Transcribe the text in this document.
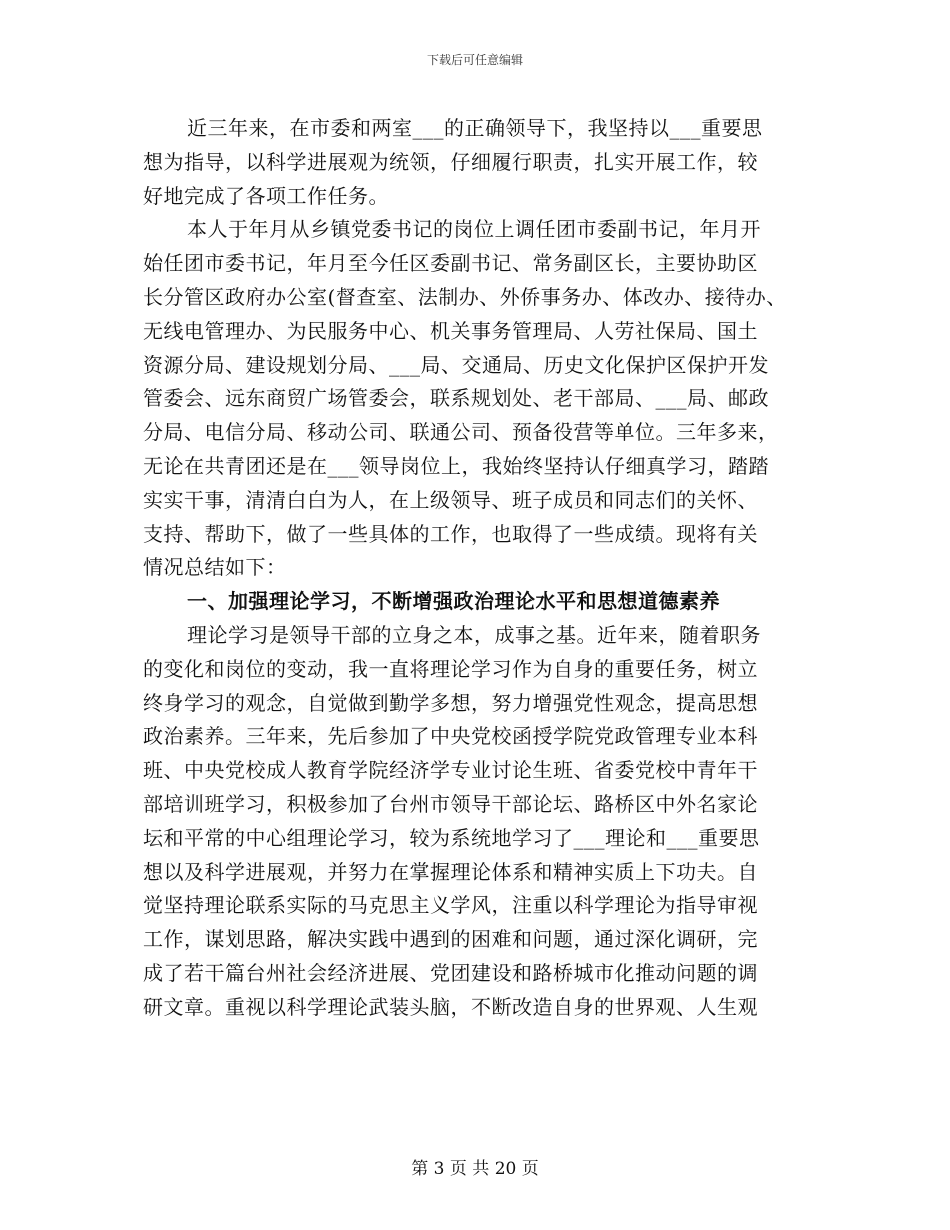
下载后可任意编辑
近三年来，在市委和两室___的正确领导下，我坚持以___重要思
想为指导，以科学进展观为统领，仔细履行职责，扎实开展工作，较
好地完成了各项工作任务。
本人于年月从乡镇党委书记的岗位上调任团市委副书记，年月开
始任团市委书记，年月至今任区委副书记、常务副区长，主要协助区
长分管区政府办公室(督查室、法制办、外侨事务办、体改办、接待办、
无线电管理办、为民服务中心、机关事务管理局、人劳社保局、国土
资源分局、建设规划分局、___局、交通局、历史文化保护区保护开发
管委会、远东商贸广场管委会，联系规划处、老干部局、___局、邮政
分局、电信分局、移动公司、联通公司、预备役营等单位。三年多来，
无论在共青团还是在___领导岗位上，我始终坚持认仔细真学习，踏踏
实实干事，清清白白为人，在上级领导、班子成员和同志们的关怀、
支持、帮助下，做了一些具体的工作，也取得了一些成绩。现将有关
情况总结如下：
一、加强理论学习，不断增强政治理论水平和思想道德素养
理论学习是领导干部的立身之本，成事之基。近年来，随着职务
的变化和岗位的变动，我一直将理论学习作为自身的重要任务，树立
终身学习的观念，自觉做到勤学多想，努力增强党性观念，提高思想
政治素养。三年来，先后参加了中央党校函授学院党政管理专业本科
班、中央党校成人教育学院经济学专业讨论生班、省委党校中青年干
部培训班学习，积极参加了台州市领导干部论坛、路桥区中外名家论
坛和平常的中心组理论学习，较为系统地学习了___理论和___重要思
想以及科学进展观，并努力在掌握理论体系和精神实质上下功夫。自
觉坚持理论联系实际的马克思主义学风，注重以科学理论为指导审视
工作，谋划思路，解决实践中遇到的困难和问题，通过深化调研，完
成了若干篇台州社会经济进展、党团建设和路桥城市化推动问题的调
研文章。重视以科学理论武装头脑，不断改造自身的世界观、人生观
第 3 页 共 20 页
